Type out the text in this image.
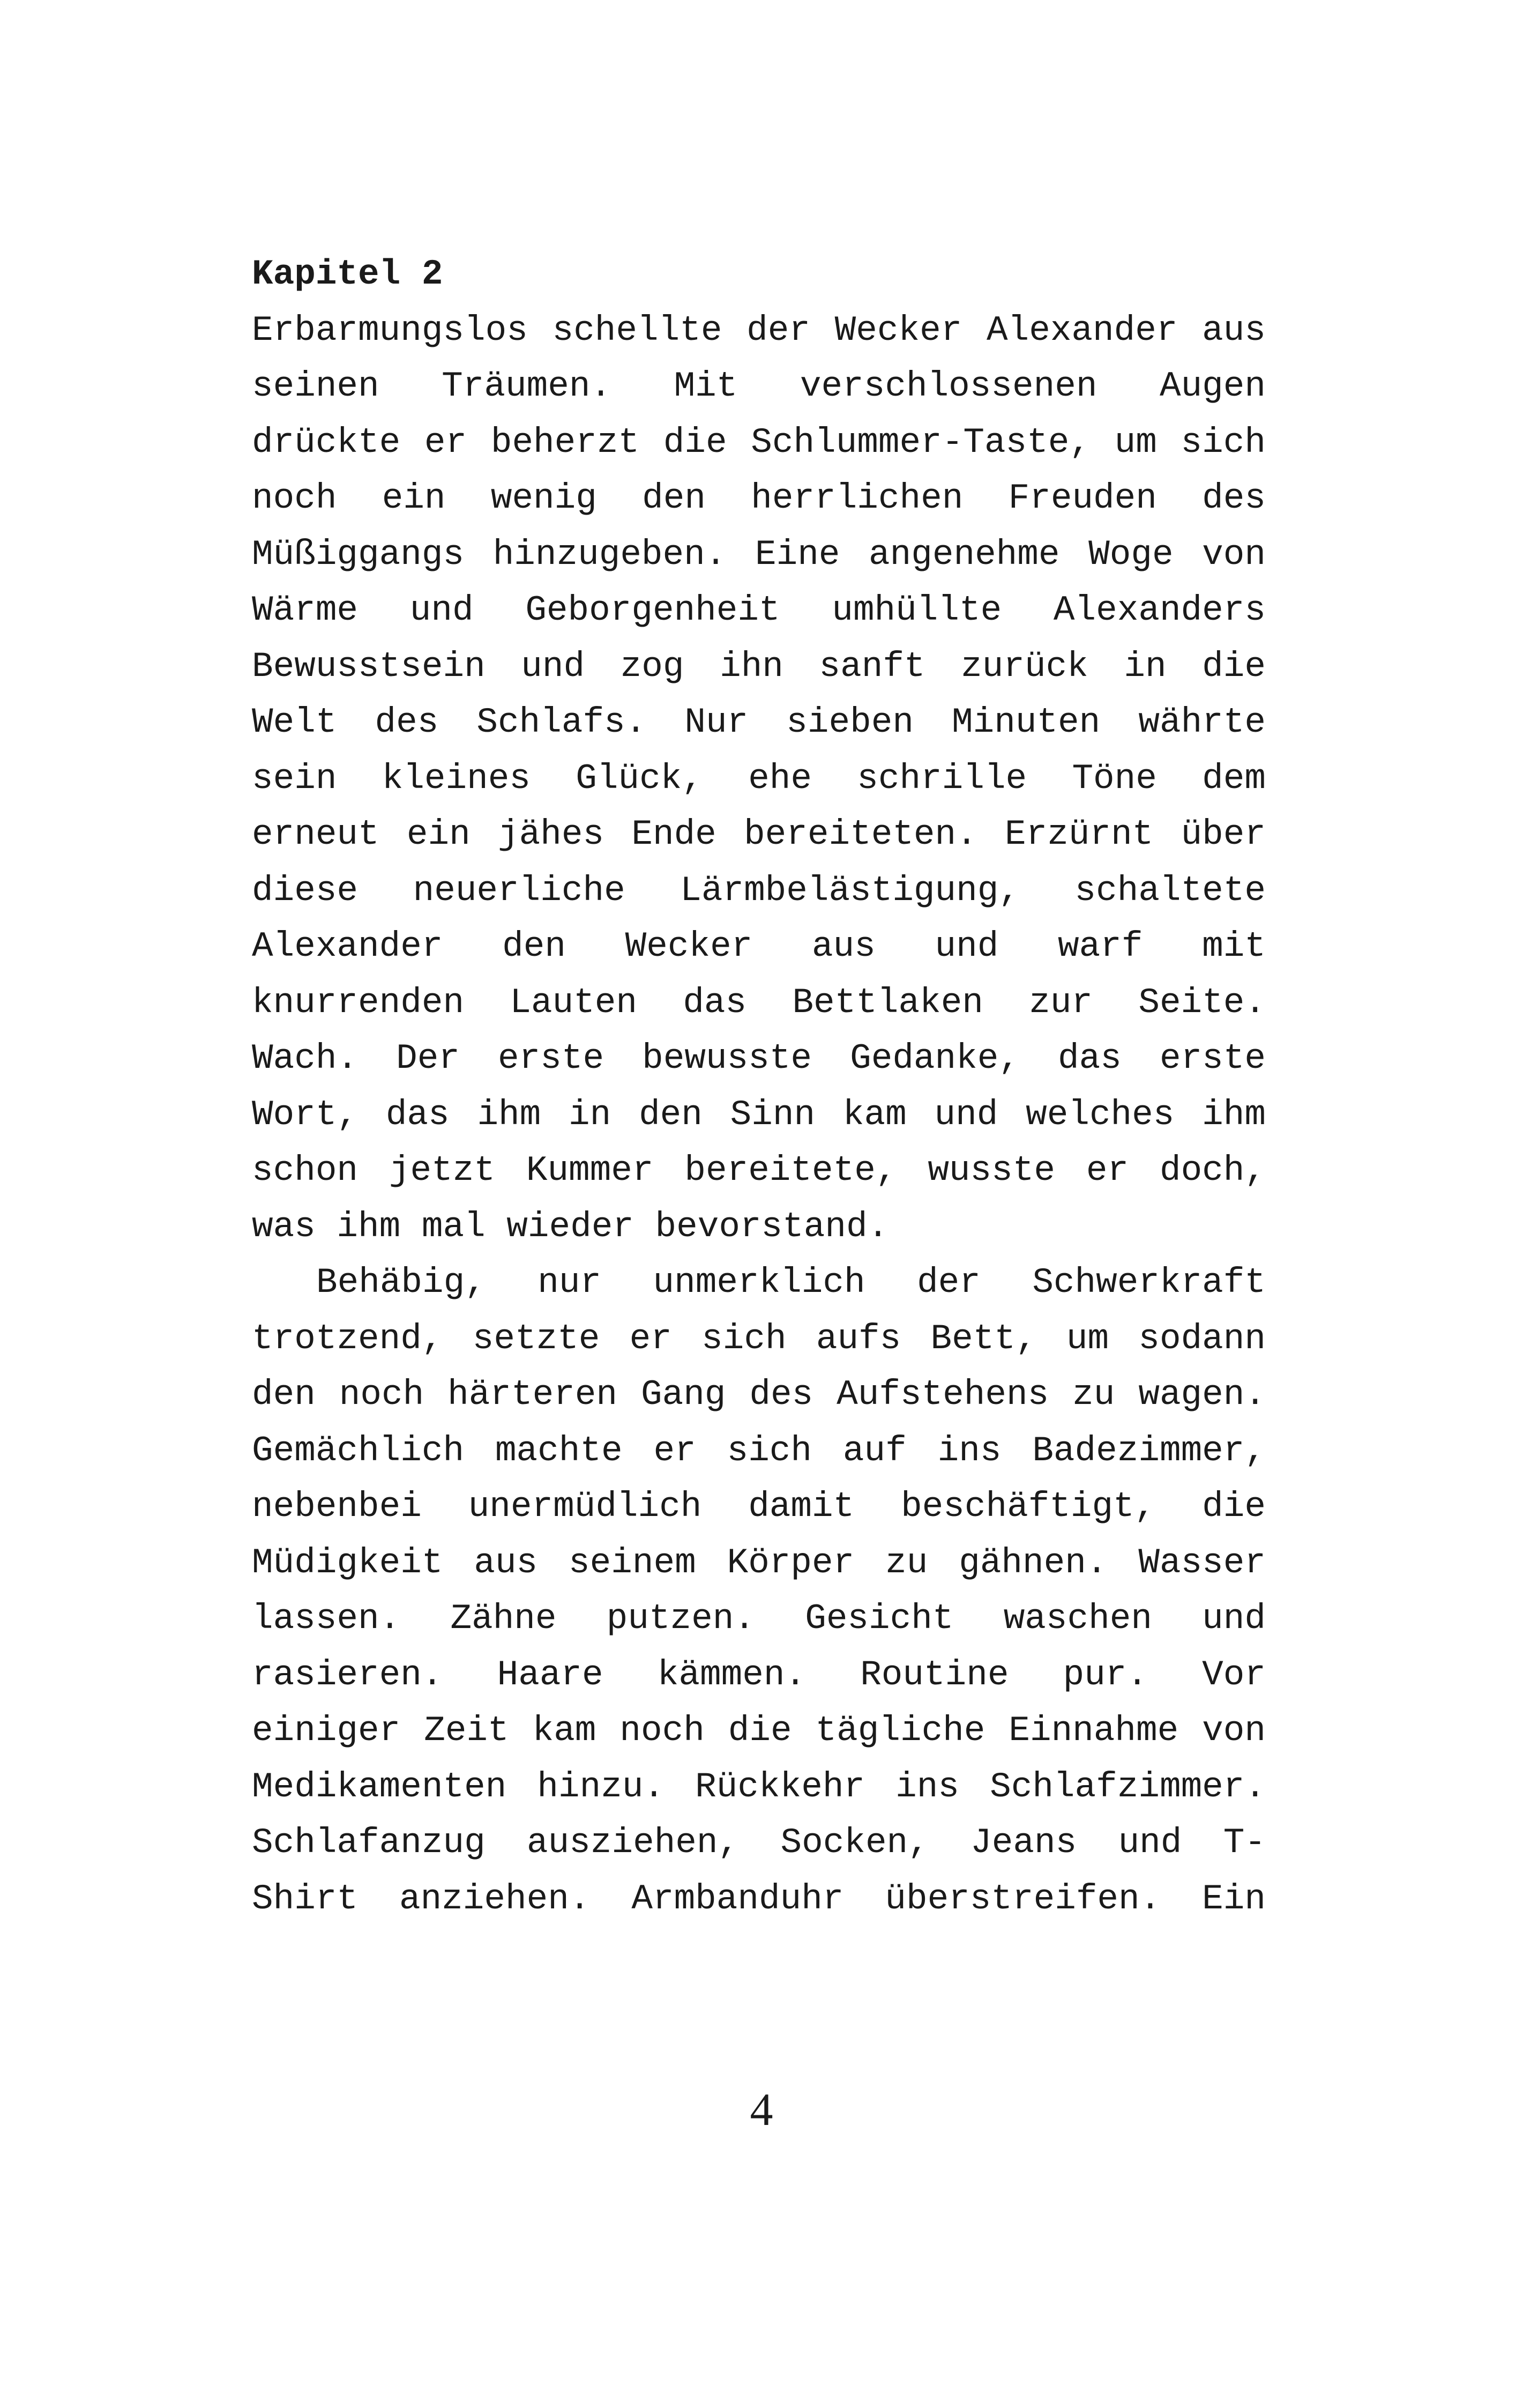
Kapitel 2

Erbarmungslos schellte der Wecker Alexander aus seinen Träumen. Mit verschlossenen Augen drückte er beherzt die Schlummer-Taste, um sich noch ein wenig den herrlichen Freuden des Müßiggangs hinzugeben. Eine angenehme Woge von Wärme und Geborgenheit umhüllte Alexanders Bewusstsein und zog ihn sanft zurück in die Welt des Schlafs. Nur sieben Minuten währte sein kleines Glück, ehe schrille Töne dem erneut ein jähes Ende bereiteten. Erzürnt über diese neuerliche Lärmbelästigung, schaltete Alexander den Wecker aus und warf mit knurrenden Lauten das Bettlaken zur Seite. Wach. Der erste bewusste Gedanke, das erste Wort, das ihm in den Sinn kam und welches ihm schon jetzt Kummer bereitete, wusste er doch, was ihm mal wieder bevorstand.

Behäbig, nur unmerklich der Schwerkraft trotzend, setzte er sich aufs Bett, um sodann den noch härteren Gang des Aufstehens zu wagen. Gemächlich machte er sich auf ins Badezimmer, nebenbei unermüdlich damit beschäftigt, die Müdigkeit aus seinem Körper zu gähnen. Wasser lassen. Zähne putzen. Gesicht waschen und rasieren. Haare kämmen. Routine pur. Vor einiger Zeit kam noch die tägliche Einnahme von Medikamenten hinzu. Rückkehr ins Schlafzimmer. Schlafanzug ausziehen, Socken, Jeans und T-Shirt anziehen. Armbanduhr überstreifen. Ein

4
